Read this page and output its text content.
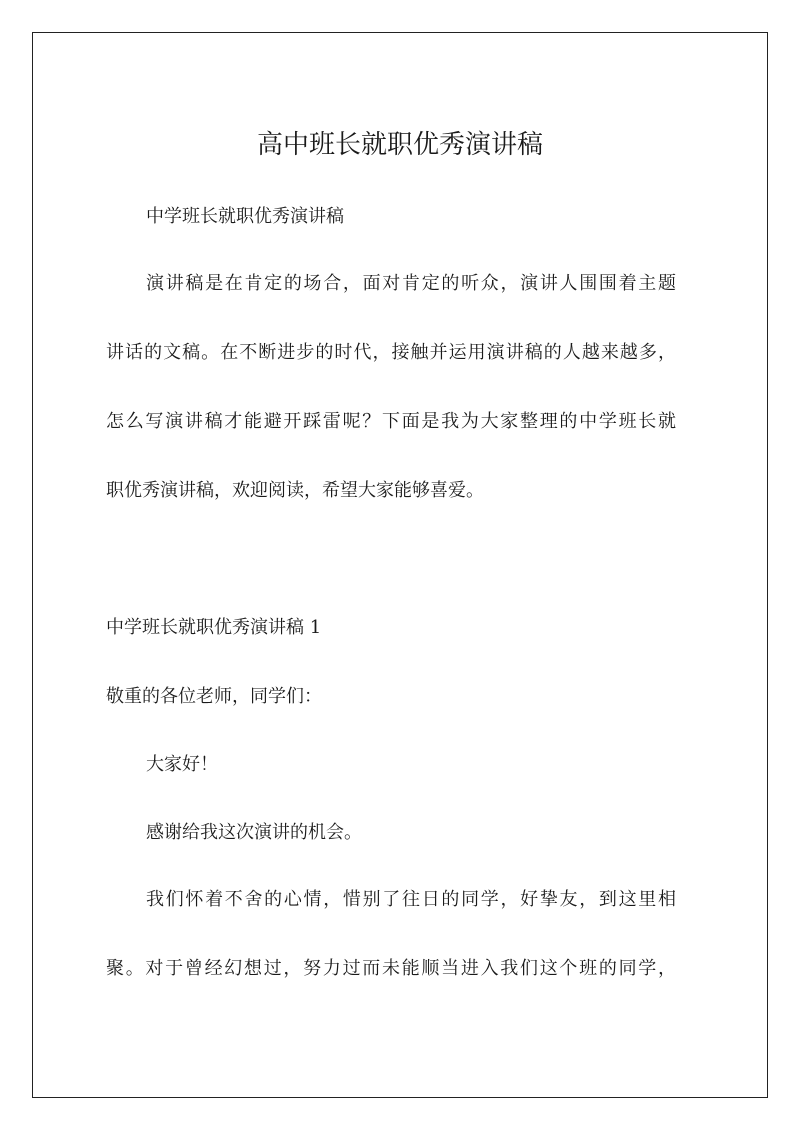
高中班长就职优秀演讲稿

中学班长就职优秀演讲稿

演讲稿是在肯定的场合，面对肯定的听众，演讲人围围着主题

讲话的文稿。在不断进步的时代，接触并运用演讲稿的人越来越多，

怎么写演讲稿才能避开踩雷呢？下面是我为大家整理的中学班长就

职优秀演讲稿，欢迎阅读，希望大家能够喜爱。

中学班长就职优秀演讲稿 1

敬重的各位老师，同学们：

大家好！

感谢给我这次演讲的机会。

我们怀着不舍的心情，惜别了往日的同学，好挚友，到这里相

聚。对于曾经幻想过，努力过而未能顺当进入我们这个班的同学，
